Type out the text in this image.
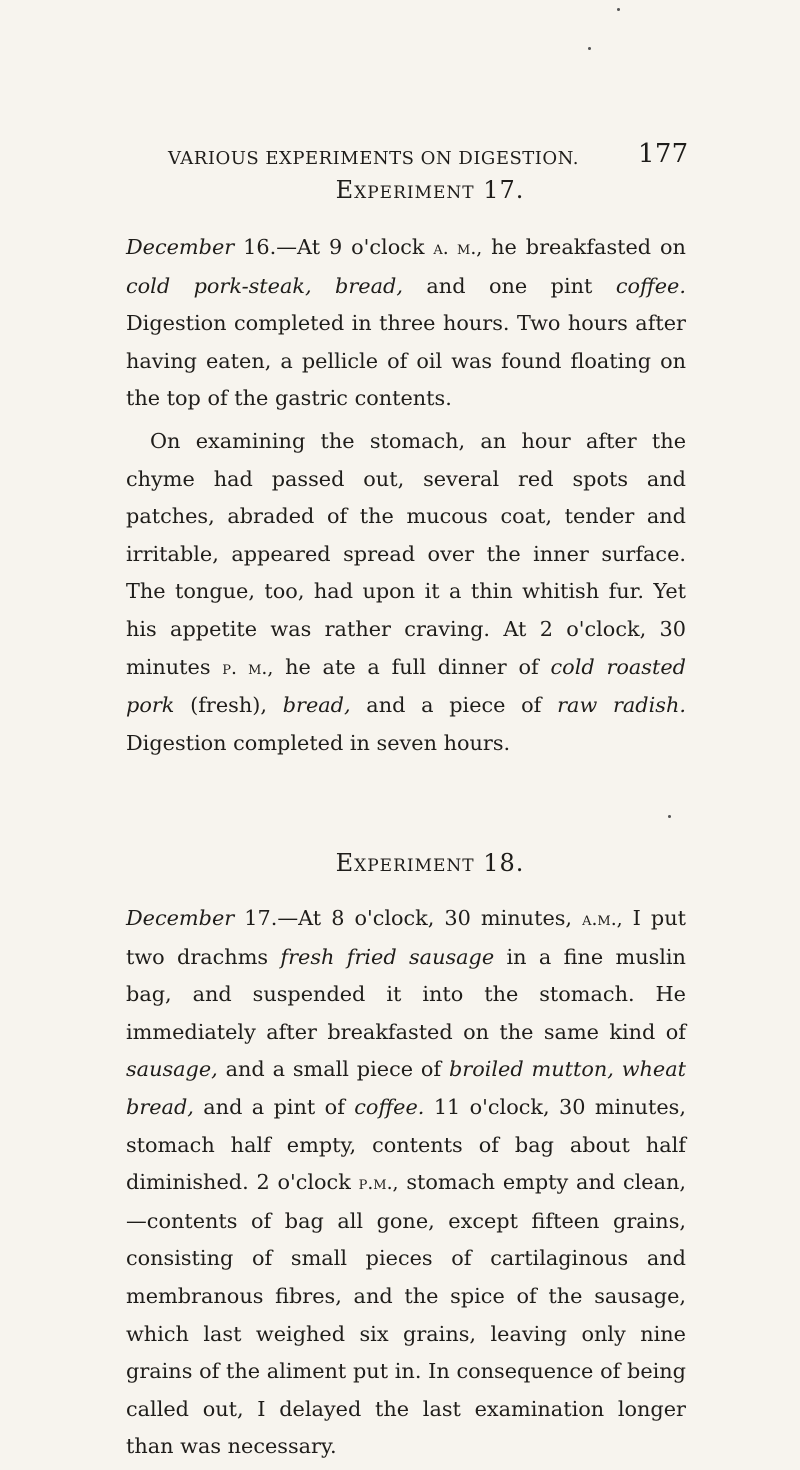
VARIOUS EXPERIMENTS ON DIGESTION. 177
Experiment 17.

December 16.—At 9 o'clock a. m., he breakfasted on cold pork-steak, bread, and one pint coffee. Digestion completed in three hours. Two hours after having eaten, a pellicle of oil was found floating on the top of the gastric contents.

On examining the stomach, an hour after the chyme had passed out, several red spots and patches, abraded of the mucous coat, tender and irritable, appeared spread over the inner surface. The tongue, too, had upon it a thin whitish fur. Yet his appetite was rather craving. At 2 o'clock, 30 minutes p. m., he ate a full dinner of cold roasted pork (fresh), bread, and a piece of raw radish. Digestion completed in seven hours.

Experiment 18.

December 17.—At 8 o'clock, 30 minutes, a.m., I put two drachms fresh fried sausage in a fine muslin bag, and suspended it into the stomach. He immediately after breakfasted on the same kind of sausage, and a small piece of broiled mutton, wheat bread, and a pint of coffee. 11 o'clock, 30 minutes, stomach half empty, contents of bag about half diminished. 2 o'clock p.m., stomach empty and clean,—contents of bag all gone, except fifteen grains, consisting of small pieces of cartilaginous and membranous fibres, and the spice of the sausage, which last weighed six grains, leaving only nine grains of the aliment put in. In consequence of being called out, I delayed the last examination longer than was necessary.
